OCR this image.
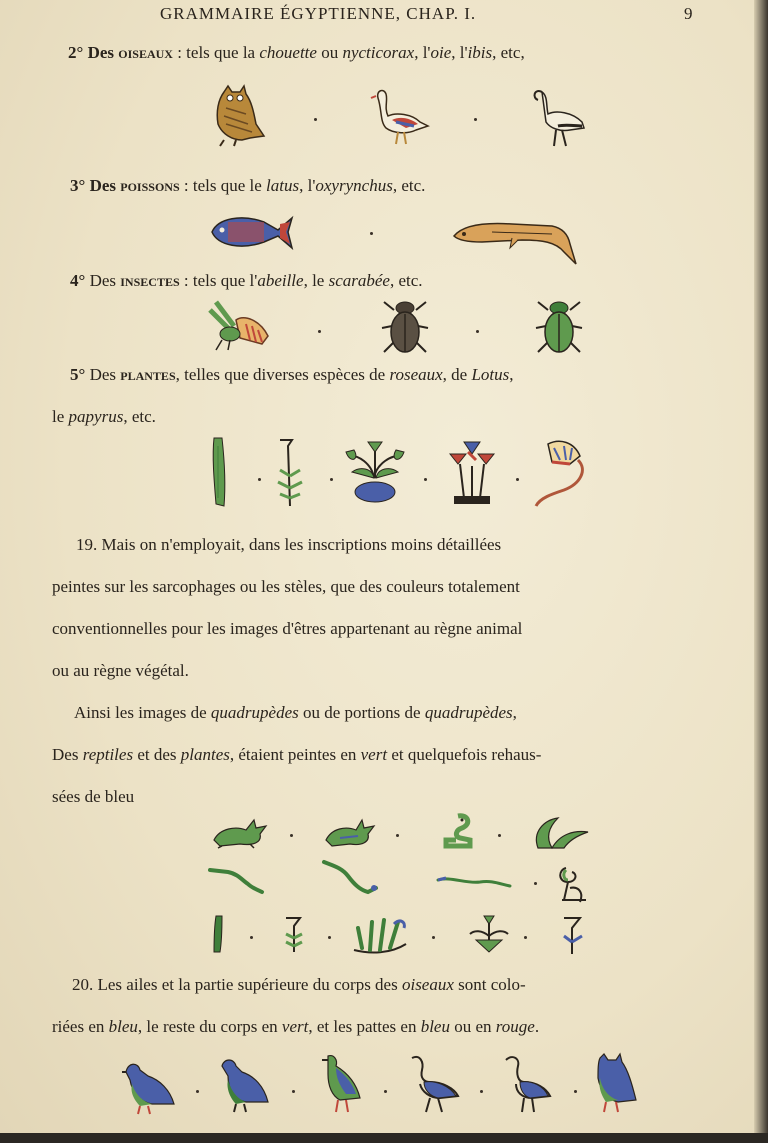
GRAMMAIRE ÉGYPTIENNE, CHAP. I.	9
2° Des oiseaux : tels que la chouette ou nycticorax, l'oie, l'ibis, etc,
3° Des poissons : tels que le latus, l'oxyrynchus, etc.
4° Des insectes : tels que l'abeille, le scarabée, etc.
5° Des plantes, telles que diverses espèces de roseaux, de Lotus,
le papyrus, etc.
19. Mais on n'employait, dans les inscriptions moins détaillées
peintes sur les sarcophages ou les stèles, que des couleurs totalement
conventionnelles pour les images d'êtres appartenant au règne animal
ou au règne végétal.
Ainsi les images de quadrupèdes ou de portions de quadrupèdes,
Des reptiles et des plantes, étaient peintes en vert et quelquefois rehaus-
sées de bleu
20. Les ailes et la partie supérieure du corps des oiseaux sont colo-
riées en bleu, le reste du corps en vert, et les pattes en bleu ou en rouge.
